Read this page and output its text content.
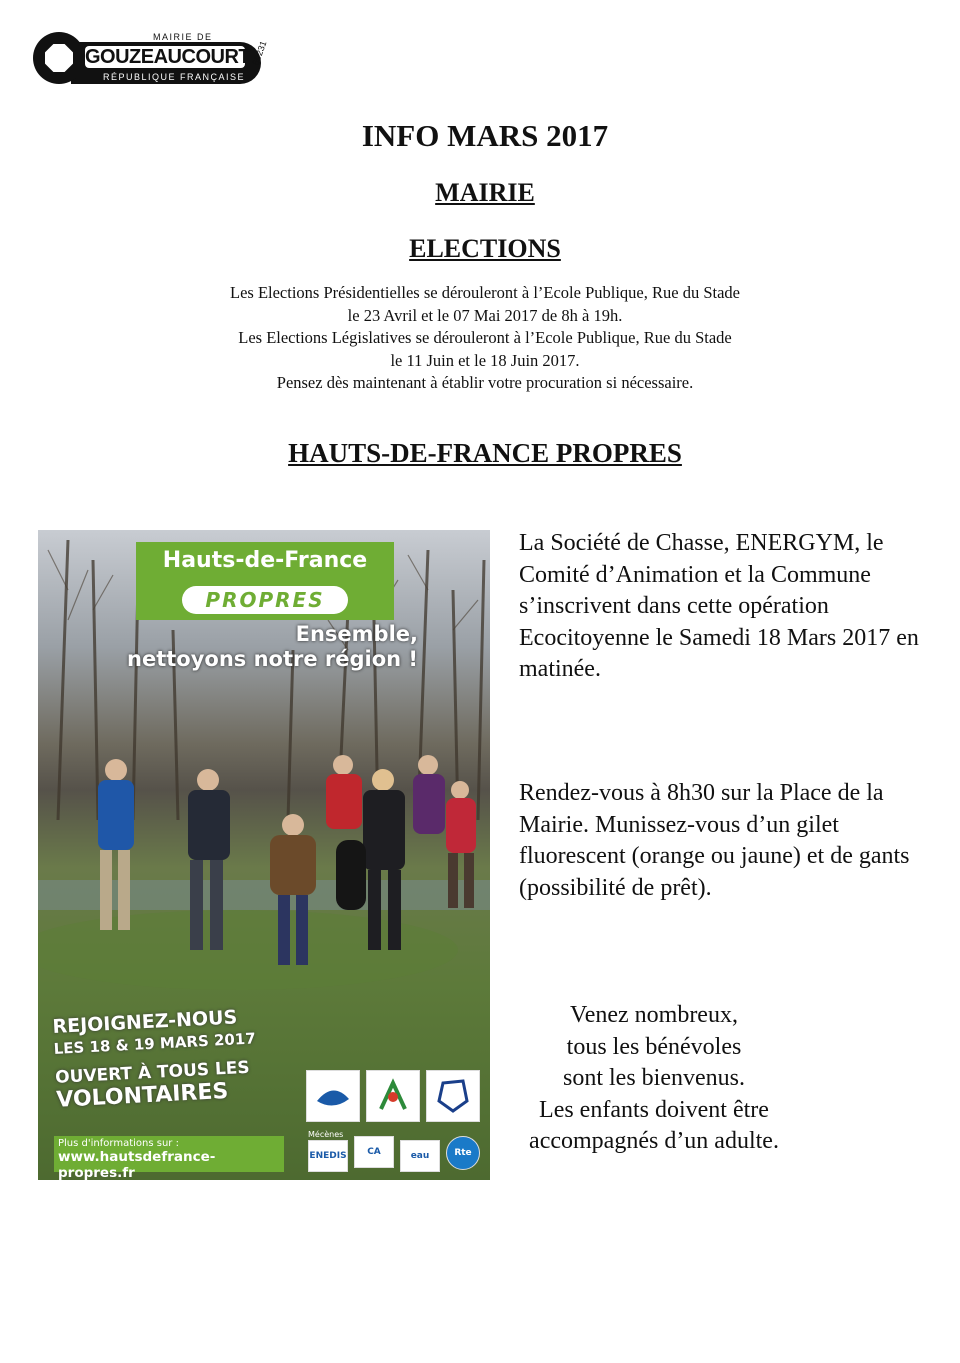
MAIRIE DE
GOUZEAUCOURT
RÉPUBLIQUE FRANÇAISE
59231
INFO MARS 2017
MAIRIE
ELECTIONS
Les Elections Présidentielles se dérouleront à l’Ecole Publique, Rue du Stade
le 23 Avril et le 07 Mai 2017 de 8h à 19h.
Les Elections Législatives se dérouleront à l’Ecole Publique, Rue du Stade
le 11 Juin et le 18 Juin 2017.
Pensez dès maintenant à établir votre procuration si nécessaire.
HAUTS-DE-FRANCE PROPRES
Hauts-de-France
PROPRES
Ensemble,
nettoyons notre région !
REJOIGNEZ-NOUS
LES 18 & 19 MARS 2017
OUVERT À TOUS LES
VOLONTAIRES
Plus d'informations sur :
www.hautsdefrance-propres.fr
Mécènes
ENEDIS	CA	eau	Rte

La Société de Chasse, ENERGYM, le Comité d’Animation et la Commune s’inscrivent dans cette opération Ecocitoyenne le Samedi 18 Mars 2017 en matinée.

Rendez-vous à 8h30 sur la Place de la Mairie. Munissez-vous d’un gilet fluorescent (orange ou jaune) et de gants (possibilité de prêt).

Venez nombreux,
tous les bénévoles
sont les bienvenus.
Les enfants doivent être
accompagnés d’un adulte.
